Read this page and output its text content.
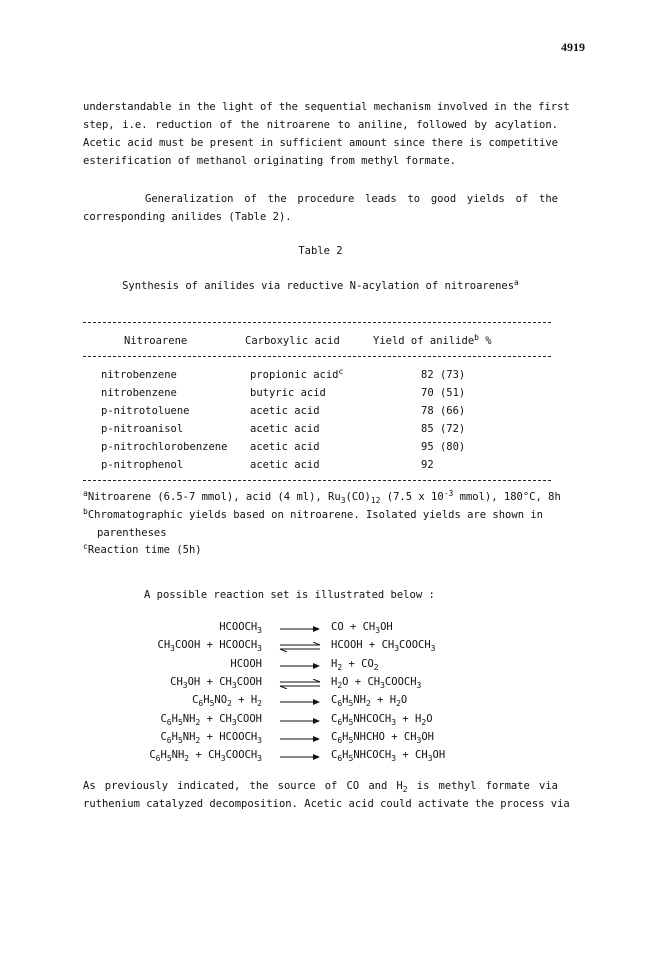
4919
understandable in the light of the sequential mechanism involved in the first
step, i.e. reduction of the nitroarene to aniline, followed by acylation.
Acetic acid must be present in sufficient amount since there is competitive
esterification of methanol originating from methyl formate.
Generalization of the procedure leads to good yields of the
corresponding anilides (Table 2).
Table 2
Synthesis of anilides via reductive N-acylation of nitroarenes$^a$
Nitroarene	Carboxylic acid	Yield of anilide$^b$ %
nitrobenzene	propionic acid$^c$	82 (73)
nitrobenzene	butyric acid	70 (51)
p-nitrotoluene	acetic acid	78 (66)
p-nitroanisol	acetic acid	85 (72)
p-nitrochlorobenzene acetic acid	95 (80)
p-nitrophenol	acetic acid	92
$^a$Nitroarene (6.5-7 mmol), acid (4 ml), $Ru_3(CO)_{12}$ (7.5 x $10^{-3}$ mmol), 180°C, 8h
$^b$Chromatographic yields based on nitroarene. Isolated yields are shown in
parentheses
$^c$Reaction time (5h)
A possible reaction set is illustrated below :
$HCOOCH_3$	CO + $CH_3OH$
$CH_3COOH$ + $HCOOCH_3$ ⇌ HCOOH + $CH_3COOCH_3$
HCOOH	$H_2 + CO_2$
$CH_3OH$ + $CH_3COOH$ ⇌ $H_2O$ + $CH_3COOCH_3$
$C_6H_5NO_2 + H_2$	$C_6H_5NH_2 + H_2O$
$C_6H_5NH_2$ + $CH_3COOH$	$C_6H_5NHCOCH_3 + H_2O$
$C_6H_5NH_2$ + $HCOOCH_3$	$C_6H_5NHCHO + CH_3OH$
$C_6H_5NH_2$ + $CH_3COOCH_3$	$C_6H_5NHCOCH_3 + CH_3OH$
As previously indicated, the source of CO and $H_2$ is methyl formate via
ruthenium catalyzed decomposition. Acetic acid could activate the process via
